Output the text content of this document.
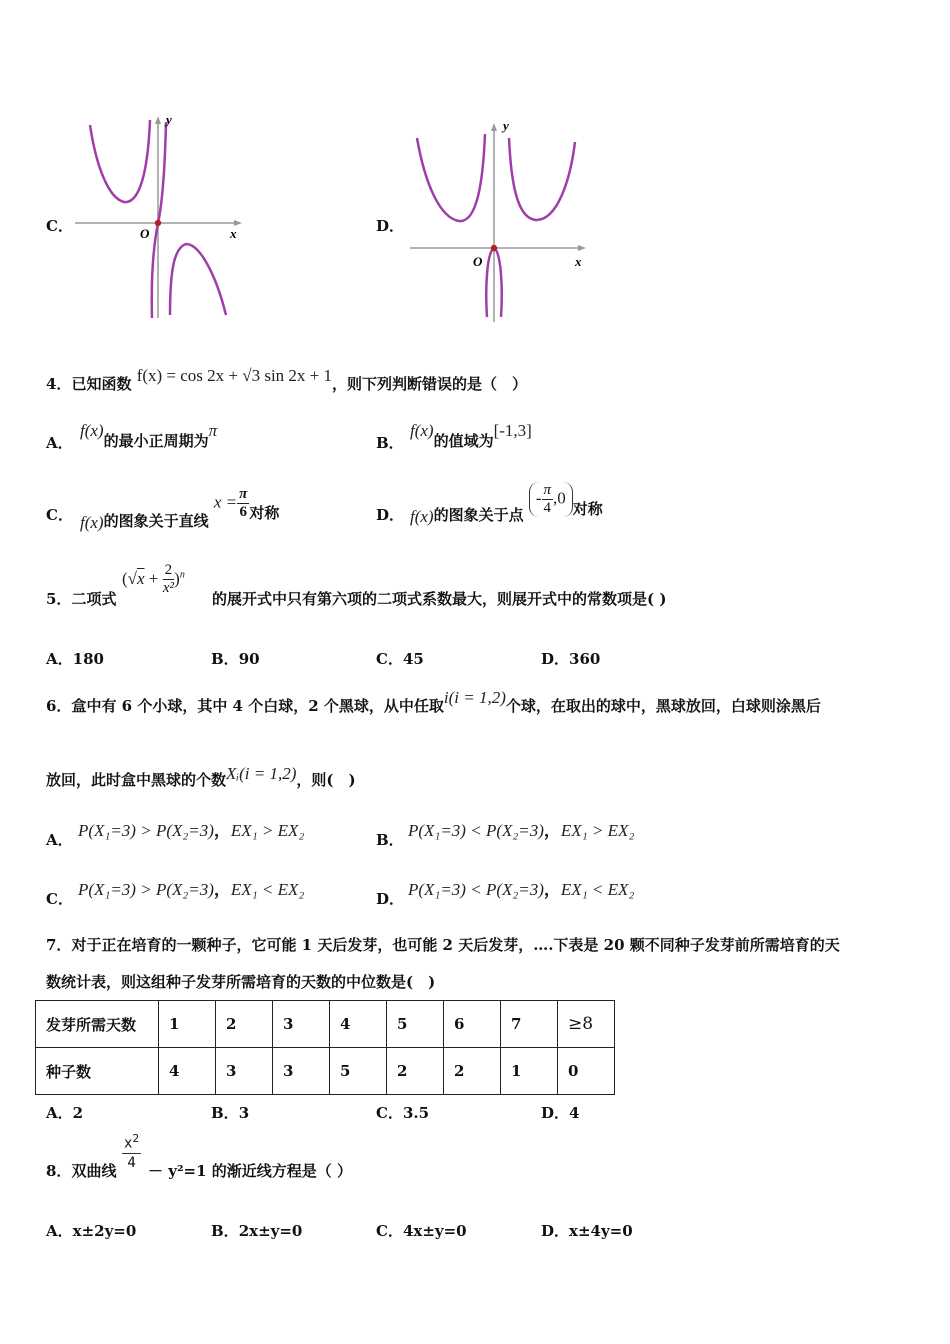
C．
y
x
O	D．
y
x
O
4．已知函数 f(x) = cos 2x + √3 sin 2x + 1，则下列判断错误的是（　）
A．
f(x)的最小正周期为π
B．
f(x)的值域为[-1,3]
C． f(x)的图象关于直线 $x = \frac{\pi}{6}$ 对称	D． f(x)的图象关于点 - $\frac{\pi}{4} ,0$对称
5．二项式
$(√x + \frac{2}{\text{x²}} )^n$
的展开式中只有第六项的二项式系数最大，则展开式中的常数项是( )
A．180	B．90	C．45	D．360
6．盒中有 6 个小球，其中 4 个白球，2 个黑球，从中任取i(i = 1,2)个球，在取出的球中，黑球放回，白球则涂黑后
放回，此时盒中黑球的个数Xᵢ(i = 1,2)，则(　)
A． P(X₁=3) > P(X₂=3)，EX₁ > EX₂	B． P(X₁=3) < P(X₂=3)，EX₁ > EX₂
C． P(X₁=3) > P(X₂=3)，EX₁ < EX₂	D． P(X₁=3) < P(X₂=3)，EX₁ < EX₂
7．对于正在培育的一颗种子，它可能 1 天后发芽，也可能 2 天后发芽，….下表是 20 颗不同种子发芽前所需培育的天
数统计表，则这组种子发芽所需培育的天数的中位数是(　)
发芽所需天数	1	2	3	4	5	6	7	≥8
种子数	4	3	3	5	2	2	1	0
A．2	B．3	C．3.5	D．4
8．双曲线
$x^2$
4 － y²=1 的渐近线方程是（ ）
A．x±2y=0	B．2x±y=0	C．4x±y=0	D．x±4y=0
